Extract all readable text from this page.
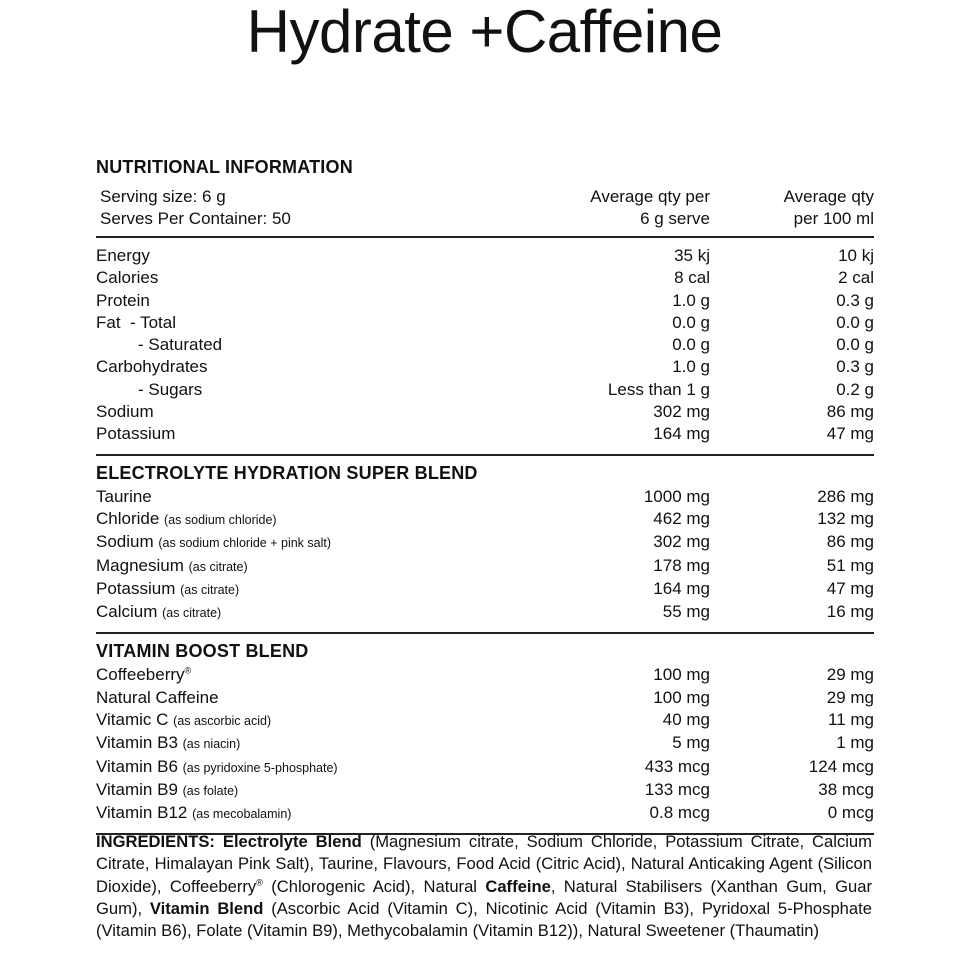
Hydrate +Caffeine
NUTRITIONAL INFORMATION
Serving size: 6 g
Serves Per Container: 50
Average qty per
6 g serve
Average qty
per 100 ml
Energy	35 kj	10 kj
Calories	8 cal	2 cal
Protein	1.0 g	0.3 g
Fat  - Total	0.0 g	0.0 g
- Saturated	0.0 g	0.0 g
Carbohydrates	1.0 g	0.3 g
- Sugars	Less than 1 g	0.2 g
Sodium	302 mg	86 mg
Potassium	164 mg	47 mg
ELECTROLYTE HYDRATION SUPER BLEND
Taurine	1000 mg	286 mg
Chloride (as sodium chloride)	462 mg	132 mg
Sodium (as sodium chloride + pink salt)	302 mg	86 mg
Magnesium (as citrate)	178 mg	51 mg
Potassium (as citrate)	164 mg	47 mg
Calcium (as citrate)	55 mg	16 mg
VITAMIN BOOST BLEND
Coffeeberry®	100 mg	29 mg
Natural Caffeine	100 mg	29 mg
Vitamic C (as ascorbic acid)	40 mg	11 mg
Vitamin B3 (as niacin)	5 mg	1 mg
Vitamin B6 (as pyridoxine 5-phosphate)	433 mcg	124 mcg
Vitamin B9 (as folate)	133 mcg	38 mcg
Vitamin B12 (as mecobalamin)	0.8 mcg	0 mcg
INGREDIENTS: Electrolyte Blend (Magnesium citrate, Sodium Chloride, Potassium Citrate, Calcium Citrate, Himalayan Pink Salt), Taurine, Flavours, Food Acid (Citric Acid), Natural Anticaking Agent (Silicon Dioxide), Coffeeberry® (Chlorogenic Acid), Natural Caffeine, Natural Stabilisers (Xanthan Gum, Guar Gum), Vitamin Blend (Ascorbic Acid (Vitamin C), Nicotinic Acid (Vitamin B3), Pyridoxal 5-Phosphate (Vitamin B6), Folate (Vitamin B9), Methycobalamin (Vitamin B12)), Natural Sweetener (Thaumatin)
